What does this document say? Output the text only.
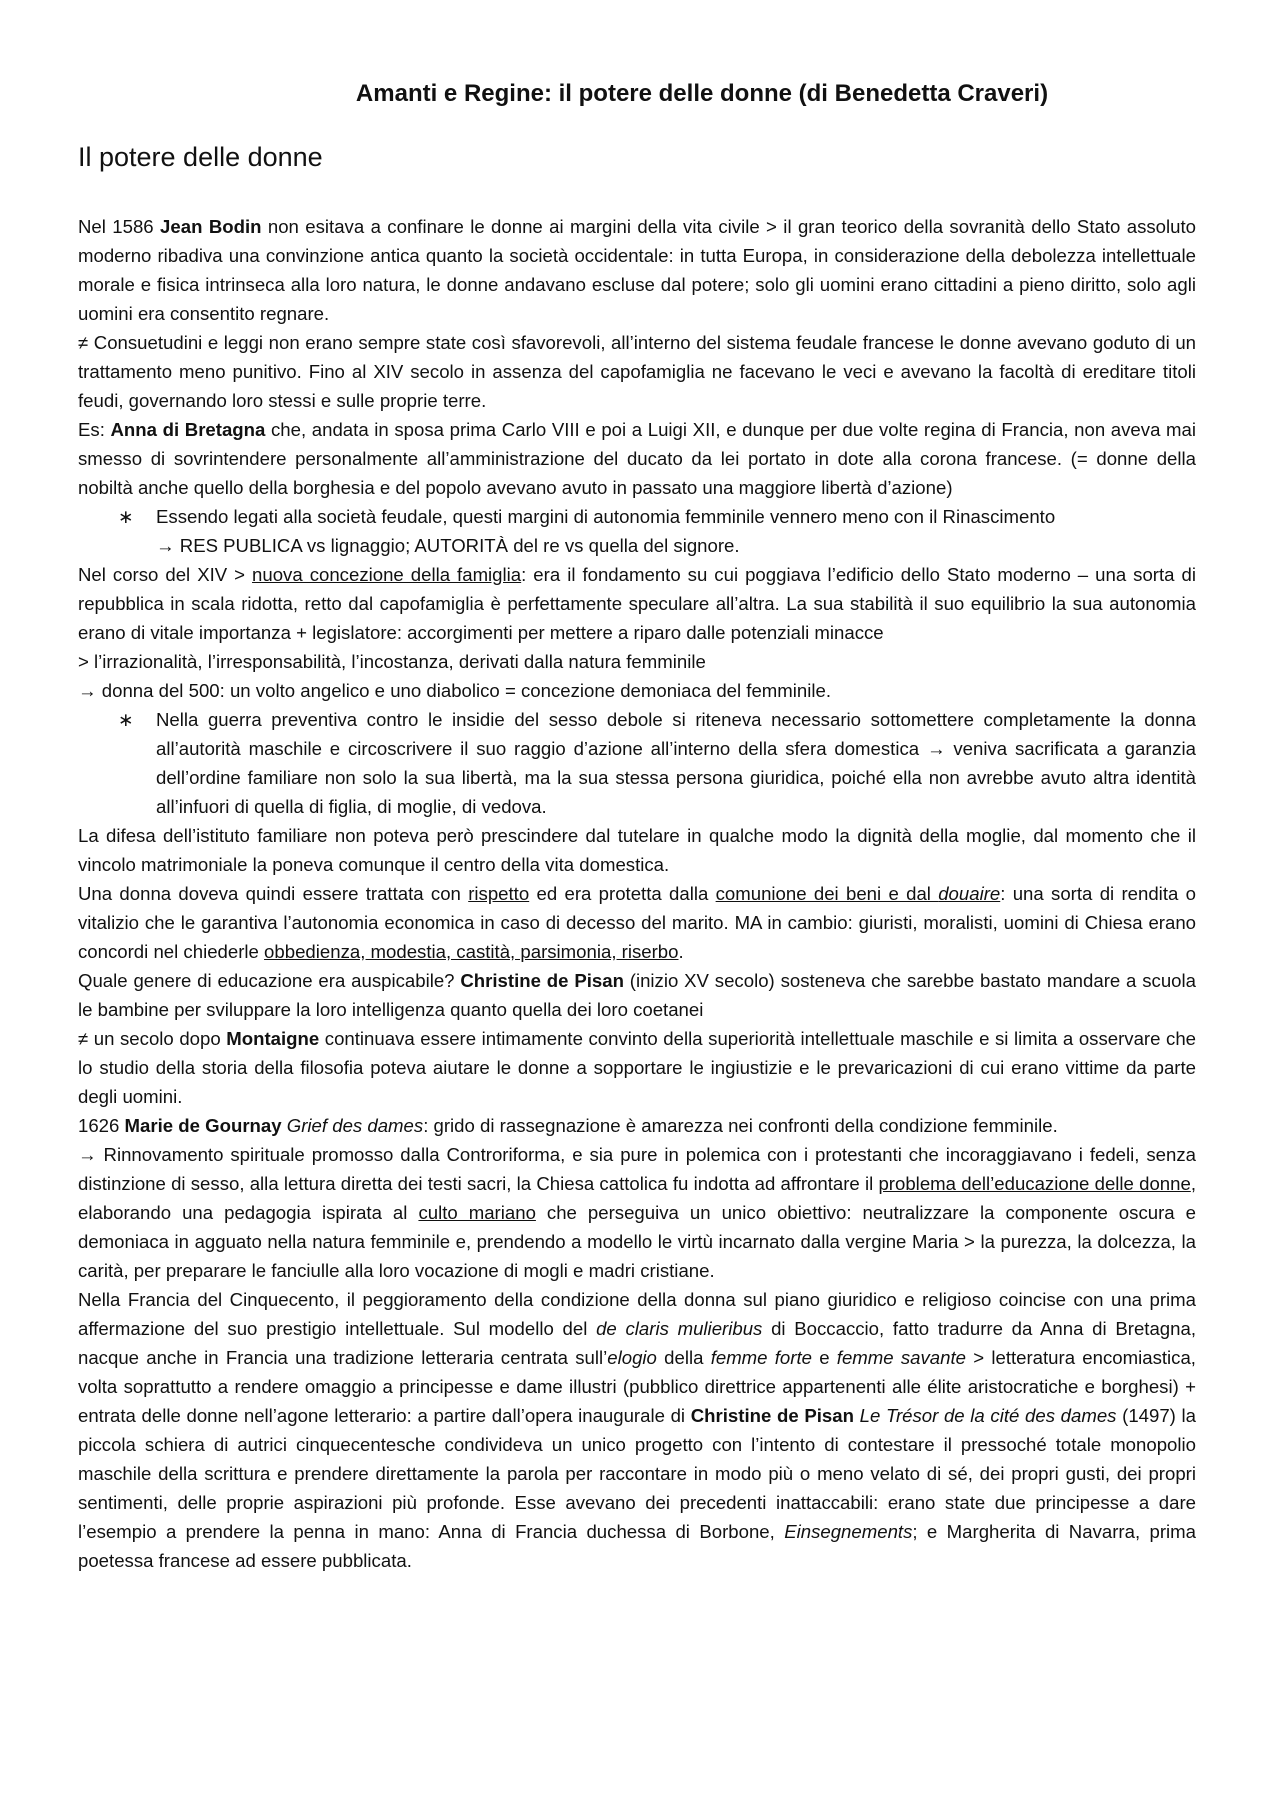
Amanti e Regine: il potere delle donne (di Benedetta Craveri)
Il potere delle donne

Nel 1586 Jean Bodin non esitava a confinare le donne ai margini della vita civile > il gran teorico della sovranità dello Stato assoluto moderno ribadiva una convinzione antica quanto la società occidentale: in tutta Europa, in considerazione della debolezza intellettuale morale e fisica intrinseca alla loro natura, le donne andavano escluse dal potere; solo gli uomini erano cittadini a pieno diritto, solo agli uomini era consentito regnare.

≠ Consuetudini e leggi non erano sempre state così sfavorevoli, all’interno del sistema feudale francese le donne avevano goduto di un trattamento meno punitivo. Fino al XIV secolo in assenza del capofamiglia ne facevano le veci e avevano la facoltà di ereditare titoli feudi, governando loro stessi e sulle proprie terre.

Es: Anna di Bretagna che, andata in sposa prima Carlo VIII e poi a Luigi XII, e dunque per due volte regina di Francia, non aveva mai smesso di sovrintendere personalmente all’amministrazione del ducato da lei portato in dote alla corona francese. (= donne della nobiltà anche quello della borghesia e del popolo avevano avuto in passato una maggiore libertà d’azione)

∗ Essendo legati alla società feudale, questi margini di autonomia femminile vennero meno con il Rinascimento
→ RES PUBLICA vs lignaggio; AUTORITÀ del re vs quella del signore.

Nel corso del XIV > nuova concezione della famiglia: era il fondamento su cui poggiava l’edificio dello Stato moderno – una sorta di repubblica in scala ridotta, retto dal capofamiglia è perfettamente speculare all’altra. La sua stabilità il suo equilibrio la sua autonomia erano di vitale importanza + legislatore: accorgimenti per mettere a riparo dalle potenziali minacce

> l’irrazionalità, l’irresponsabilità, l’incostanza, derivati dalla natura femminile

→ donna del 500: un volto angelico e uno diabolico = concezione demoniaca del femminile.

∗ Nella guerra preventiva contro le insidie del sesso debole si riteneva necessario sottomettere completamente la donna all’autorità maschile e circoscrivere il suo raggio d’azione all’interno della sfera domestica → veniva sacrificata a garanzia dell’ordine familiare non solo la sua libertà, ma la sua stessa persona giuridica, poiché ella non avrebbe avuto altra identità all’infuori di quella di figlia, di moglie, di vedova.

La difesa dell’istituto familiare non poteva però prescindere dal tutelare in qualche modo la dignità della moglie, dal momento che il vincolo matrimoniale la poneva comunque il centro della vita domestica.

Una donna doveva quindi essere trattata con rispetto ed era protetta dalla comunione dei beni e dal douaire: una sorta di rendita o vitalizio che le garantiva l’autonomia economica in caso di decesso del marito. MA in cambio: giuristi, moralisti, uomini di Chiesa erano concordi nel chiederle obbedienza, modestia, castità, parsimonia, riserbo.

Quale genere di educazione era auspicabile? Christine de Pisan (inizio XV secolo) sosteneva che sarebbe bastato mandare a scuola le bambine per sviluppare la loro intelligenza quanto quella dei loro coetanei

≠ un secolo dopo Montaigne continuava essere intimamente convinto della superiorità intellettuale maschile e si limita a osservare che lo studio della storia della filosofia poteva aiutare le donne a sopportare le ingiustizie e le prevaricazioni di cui erano vittime da parte degli uomini.

1626 Marie de Gournay Grief des dames: grido di rassegnazione è amarezza nei confronti della condizione femminile.

→ Rinnovamento spirituale promosso dalla Controriforma, e sia pure in polemica con i protestanti che incoraggiavano i fedeli, senza distinzione di sesso, alla lettura diretta dei testi sacri, la Chiesa cattolica fu indotta ad affrontare il problema dell’educazione delle donne, elaborando una pedagogia ispirata al culto mariano che perseguiva un unico obiettivo: neutralizzare la componente oscura e demoniaca in agguato nella natura femminile e, prendendo a modello le virtù incarnato dalla vergine Maria > la purezza, la dolcezza, la carità, per preparare le fanciulle alla loro vocazione di mogli e madri cristiane.

Nella Francia del Cinquecento, il peggioramento della condizione della donna sul piano giuridico e religioso coincise con una prima affermazione del suo prestigio intellettuale. Sul modello del de claris mulieribus di Boccaccio, fatto tradurre da Anna di Bretagna, nacque anche in Francia una tradizione letteraria centrata sull’elogio della femme forte e femme savante > letteratura encomiastica, volta soprattutto a rendere omaggio a principesse e dame illustri (pubblico direttrice appartenenti alle élite aristocratiche e borghesi) + entrata delle donne nell’agone letterario: a partire dall’opera inaugurale di Christine de Pisan Le Trésor de la cité des dames (1497) la piccola schiera di autrici cinquecentesche condivideva un unico progetto con l’intento di contestare il pressoché totale monopolio maschile della scrittura e prendere direttamente la parola per raccontare in modo più o meno velato di sé, dei propri gusti, dei propri sentimenti, delle proprie aspirazioni più profonde. Esse avevano dei precedenti inattaccabili: erano state due principesse a dare l’esempio a prendere la penna in mano: Anna di Francia duchessa di Borbone, Einsegnements; e Margherita di Navarra, prima poetessa francese ad essere pubblicata.
